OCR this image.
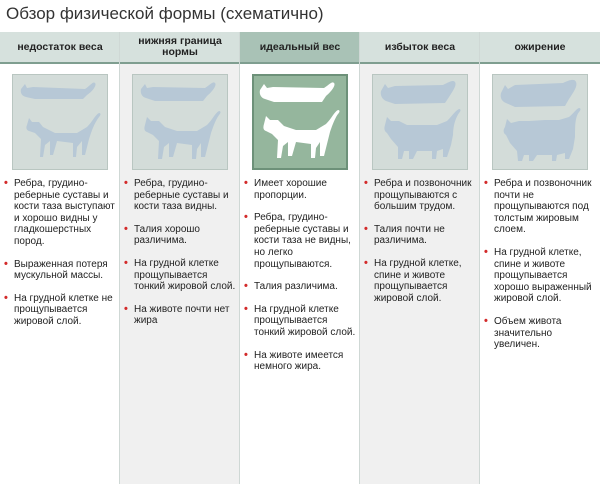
Обзор физической формы (схематично)
недостаток веса
• Ребра, грудино-реберные суставы и кости таза выступают и хорошо видны у гладкошерстных пород.
• Выраженная потеря мускульной массы.
• На грудной клетке не прощупывается жировой слой.
нижняя граница нормы
• Ребра, грудино-реберные суставы и кости таза видны.
• Талия хорошо различима.
• На грудной клетке прощупывается тонкий жировой слой.
• На животе почти нет жира
идеальный вес
• Имеет хорошие пропорции.
• Ребра, грудино-реберные суставы и кости таза не видны, но легко прощупываются.
• Талия различима.
• На грудной клетке прощупывается тонкий жировой слой.
• На животе имеется немного жира.
избыток веса
• Ребра и позвоночник прощупываются с большим трудом.
• Талия почти не различима.
• На грудной клетке, спине и животе прощупывается жировой слой.
ожирение
• Ребра и позвоночник почти не прощупываются под толстым жировым слоем.
• На грудной клетке, спине и животе прощупывается хорошо выраженный жировой слой.
• Объем живота значительно увеличен.
